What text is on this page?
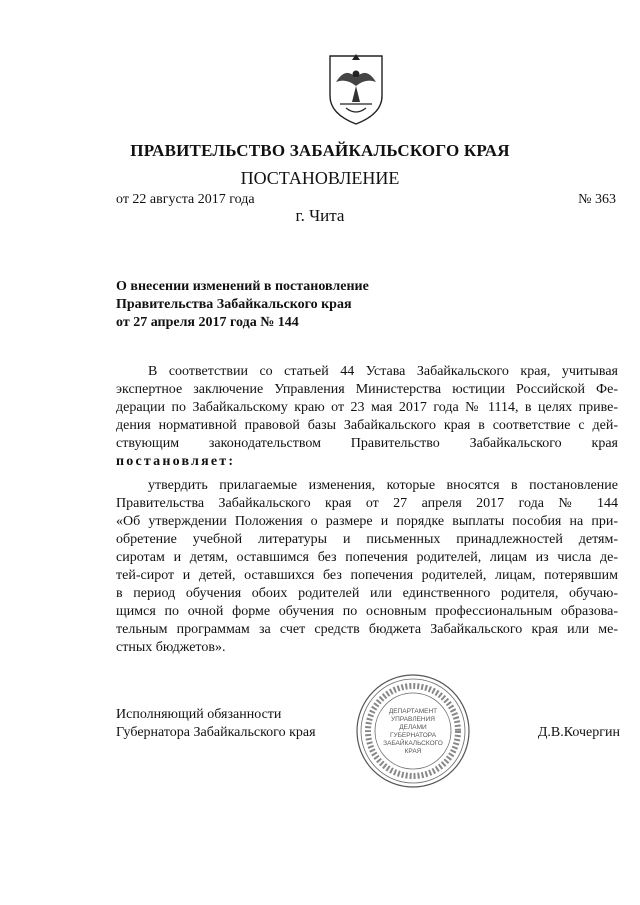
ПРАВИТЕЛЬСТВО ЗАБАЙКАЛЬСКОГО КРАЯ
ПОСТАНОВЛЕНИЕ
от 22 августа 2017 года	№ 363
г. Чита
О внесении изменений в постановление
Правительства Забайкальского края
от 27 апреля 2017 года № 144
В соответствии со статьей 44 Устава Забайкальского края, учитывая
экспертное заключение Управления Министерства юстиции Российской Фе-
дерации по Забайкальскому краю от 23 мая 2017 года № 1114, в целях приве-
дения нормативной правовой базы Забайкальского края в соответствие с дей-
ствующим законодательством Правительство Забайкальского края
постановляет:
утвердить прилагаемые изменения, которые вносятся в постановление
Правительства Забайкальского края от 27 апреля 2017 года № 144
«Об утверждении Положения о размере и порядке выплаты пособия на при-
обретение учебной литературы и письменных принадлежностей детям-
сиротам и детям, оставшимся без попечения родителей, лицам из числа де-
тей-сирот и детей, оставшихся без попечения родителей, лицам, потерявшим
в период обучения обоих родителей или единственного родителя, обучаю-
щимся по очной форме обучения по основным профессиональным образова-
тельным программам за счет средств бюджета Забайкальского края или ме-
стных бюджетов».
Исполняющий обязанности
Губернатора Забайкальского края	Д.В.Кочергин
ДЕПАРТАМЕНТ
УПРАВЛЕНИЯ
ДЕЛАМИ
ГУБЕРНАТОРА
ЗАБАЙКАЛЬСКОГО
КРАЯ
